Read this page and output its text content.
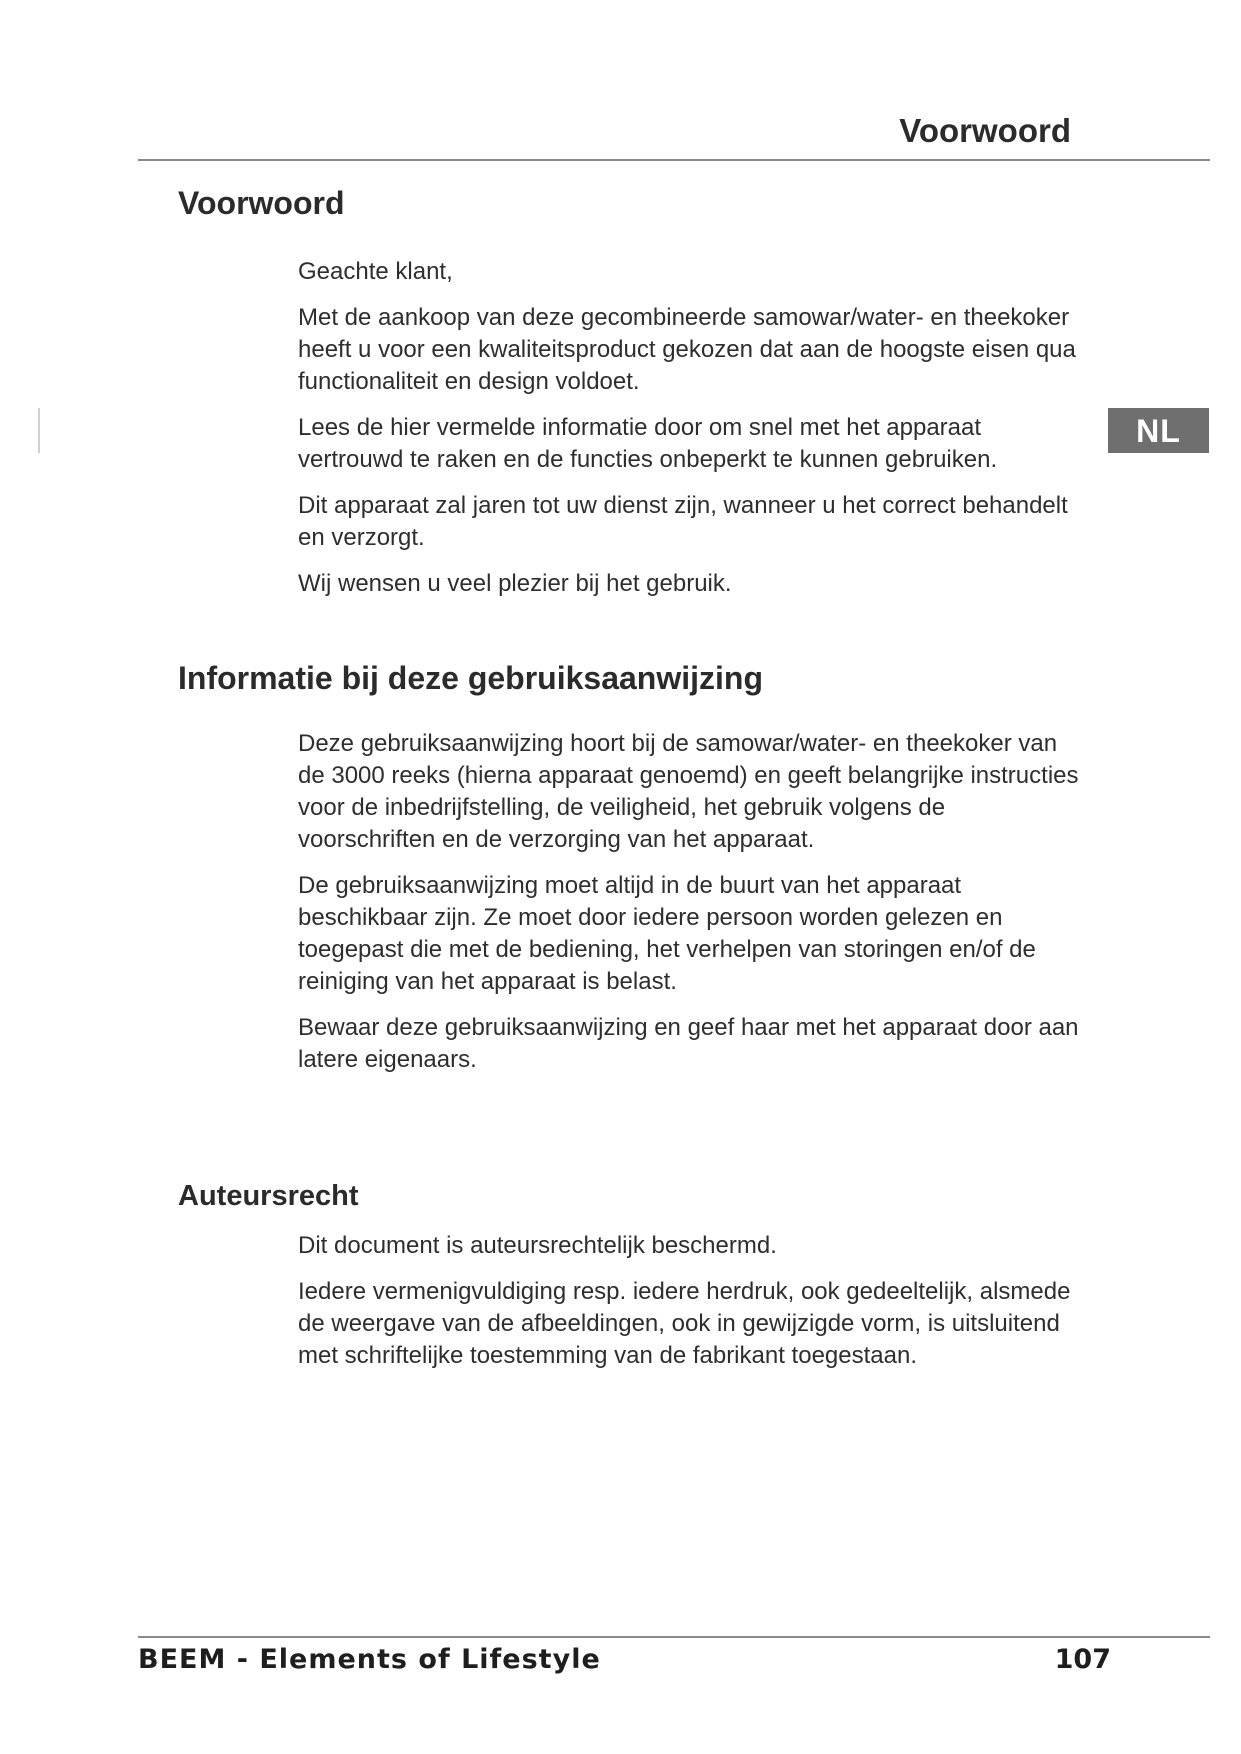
Voorwoord
NL
Voorwoord

Geachte klant,

Met de aankoop van deze gecombineerde samowar/water- en theekoker heeft u voor een kwaliteitsproduct gekozen dat aan de hoogste eisen qua functionaliteit en design voldoet.

Lees de hier vermelde informatie door om snel met het apparaat vertrouwd te raken en de functies onbeperkt te kunnen gebruiken.

Dit apparaat zal jaren tot uw dienst zijn, wanneer u het correct behandelt en verzorgt.

Wij wensen u veel plezier bij het gebruik.

Informatie bij deze gebruiksaanwijzing

Deze gebruiksaanwijzing hoort bij de samowar/water- en theekoker van de 3000 reeks (hierna apparaat genoemd) en geeft belangrijke instructies voor de inbedrijfstelling, de veiligheid, het gebruik volgens de voorschriften en de verzorging van het apparaat.

De gebruiksaanwijzing moet altijd in de buurt van het apparaat beschikbaar zijn. Ze moet door iedere persoon worden gelezen en toegepast die met de bediening, het verhelpen van storingen en/of de reiniging van het apparaat is belast.

Bewaar deze gebruiksaanwijzing en geef haar met het apparaat door aan latere eigenaars.

Auteursrecht

Dit document is auteursrechtelijk beschermd.

Iedere vermenigvuldiging resp. iedere herdruk, ook gedeeltelijk, alsmede de weergave van de afbeeldingen, ook in gewijzigde vorm, is uitsluitend met schriftelijke toestemming van de fabrikant toegestaan.

BEEM - Elements of Lifestyle	107
